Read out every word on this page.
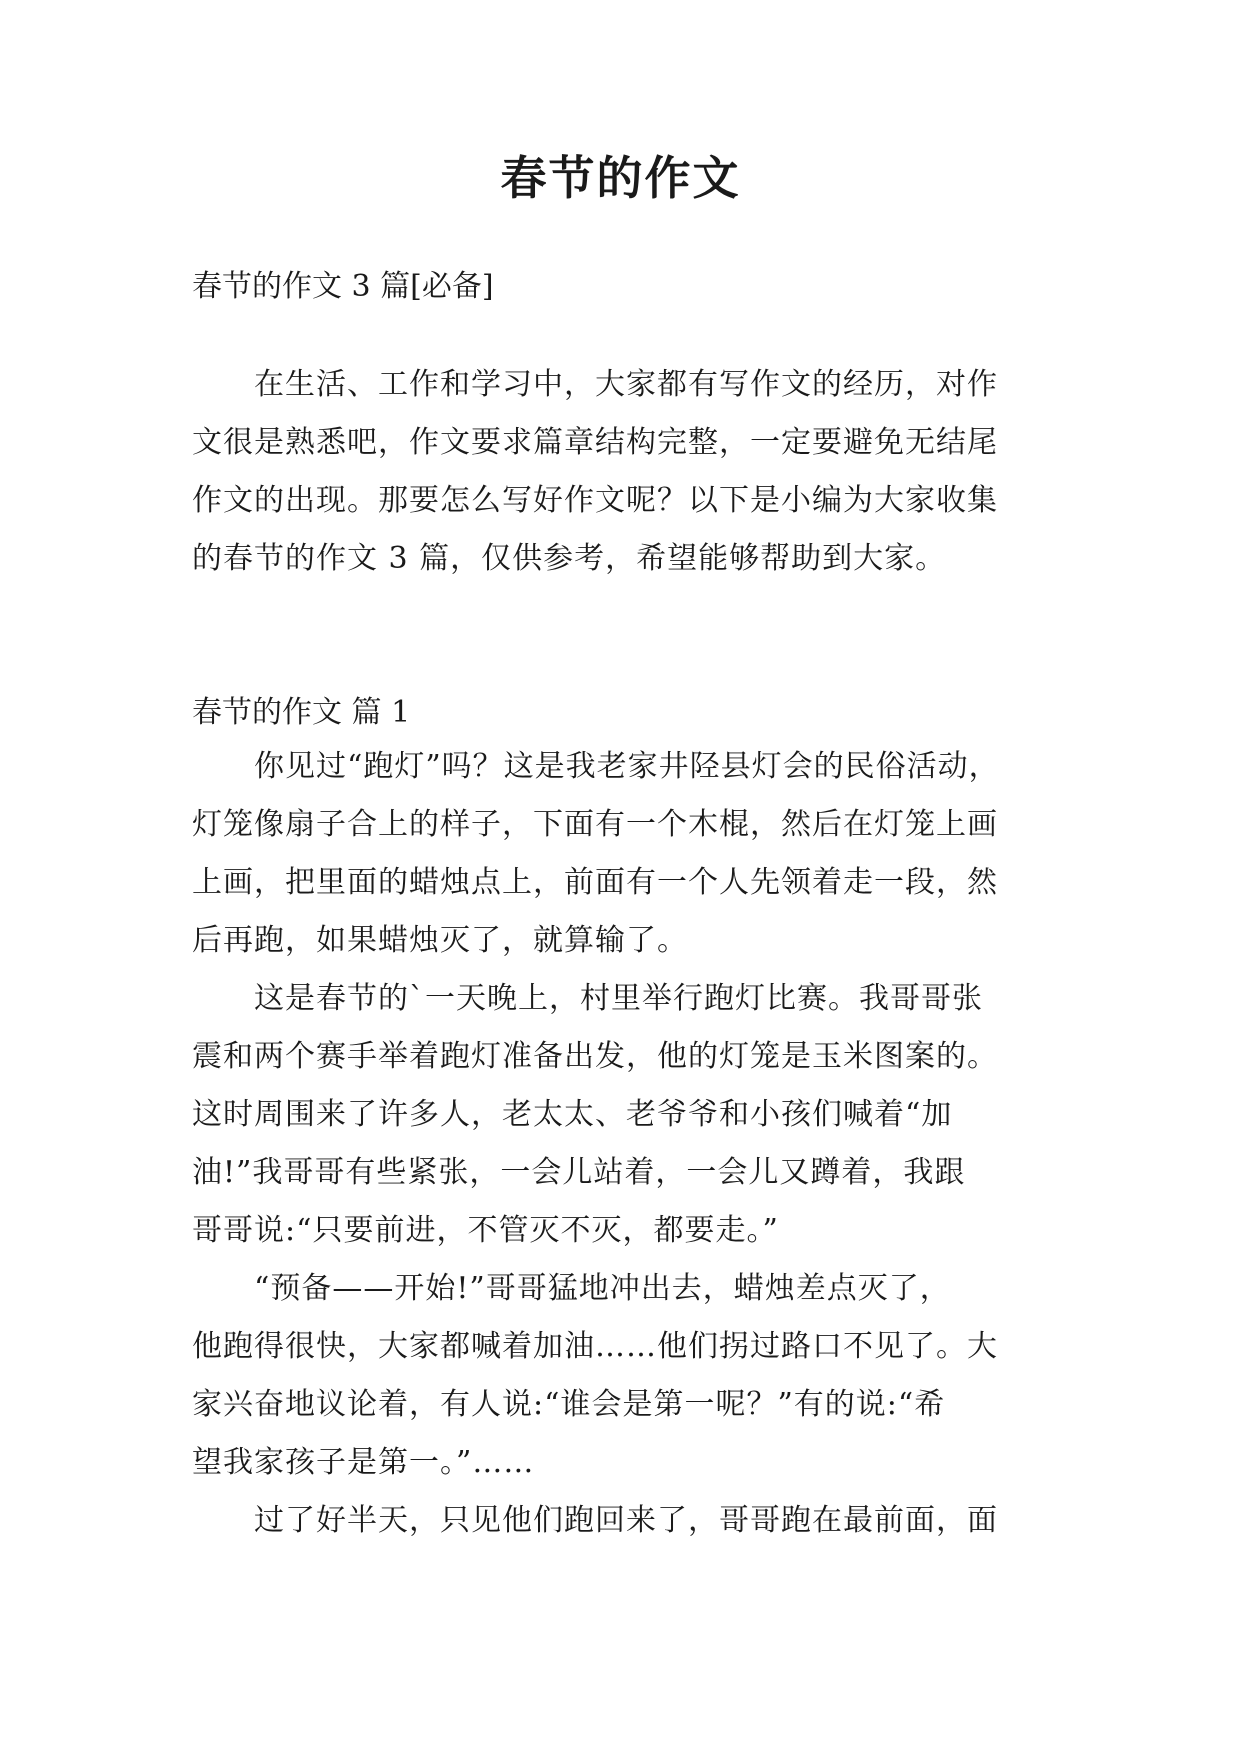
春节的作文
春节的作文 3 篇[必备]
　　在生活、工作和学习中，大家都有写作文的经历，对作
文很是熟悉吧，作文要求篇章结构完整，一定要避免无结尾
作文的出现。那要怎么写好作文呢？以下是小编为大家收集
的春节的作文 3 篇，仅供参考，希望能够帮助到大家。
春节的作文 篇 1
　　你见过“跑灯”吗？这是我老家井陉县灯会的民俗活动，
灯笼像扇子合上的样子，下面有一个木棍，然后在灯笼上画
上画，把里面的蜡烛点上，前面有一个人先领着走一段，然
后再跑，如果蜡烛灭了，就算输了。
　　这是春节的`一天晚上，村里举行跑灯比赛。我哥哥张
震和两个赛手举着跑灯准备出发，他的灯笼是玉米图案的。
这时周围来了许多人，老太太、老爷爷和小孩们喊着“加
油!”我哥哥有些紧张，一会儿站着，一会儿又蹲着，我跟
哥哥说:“只要前进，不管灭不灭，都要走。”
　　“预备——开始!”哥哥猛地冲出去，蜡烛差点灭了，
他跑得很快，大家都喊着加油……他们拐过路口不见了。大
家兴奋地议论着，有人说:“谁会是第一呢？”有的说:“希
望我家孩子是第一。”……
　　过了好半天，只见他们跑回来了，哥哥跑在最前面，面
